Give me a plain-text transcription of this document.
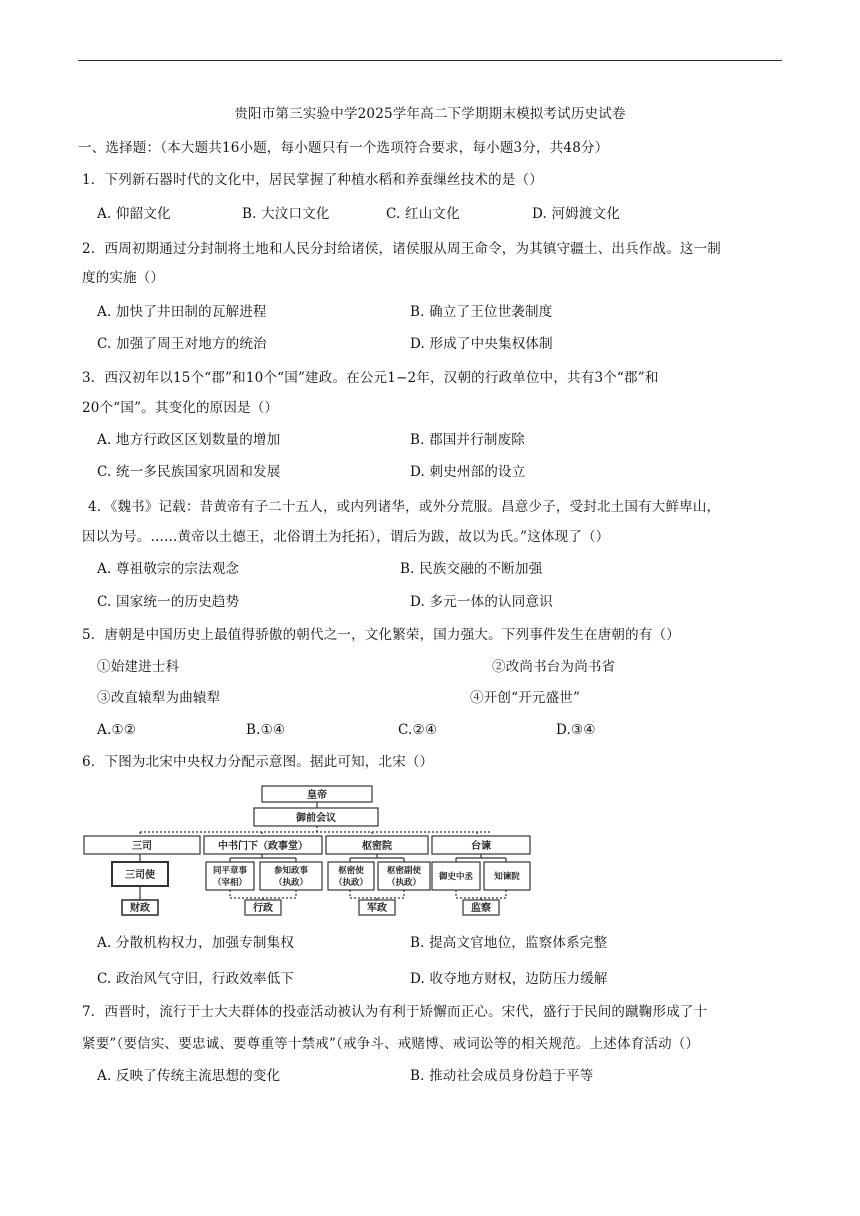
贵阳市第三实验中学2025学年高二下学期期末模拟考试历史试卷
一、选择题：（本大题共16小题，每小题只有一个选项符合要求，每小题3分，共48分）
1．下列新石器时代的文化中，居民掌握了种植水稻和养蚕缫丝技术的是（）
A. 仰韶文化	B. 大汶口文化	C. 红山文化	D. 河姆渡文化
2．西周初期通过分封制将土地和人民分封给诸侯，诸侯服从周王命令，为其镇守疆土、出兵作战。这一制
度的实施（）
A. 加快了井田制的瓦解进程	B. 确立了王位世袭制度
C. 加强了周王对地方的统治	D. 形成了中央集权体制
3．西汉初年以15个“郡”和10个“国”建政。在公元1−2年，汉朝的行政单位中，共有3个“郡”和
20个“国”。其变化的原因是（）
A. 地方行政区区划数量的增加	B. 郡国并行制废除
C. 统一多民族国家巩固和发展	D. 刺史州部的设立
4．《魏书》记载：昔黄帝有子二十五人，或内列诸华，或外分荒服。昌意少子，受封北土国有大鲜卑山，
因以为号。......黄帝以土德王，北俗谓土为托拓），谓后为跋，故以为氏。”这体现了（）
A. 尊祖敬宗的宗法观念	B. 民族交融的不断加强
C. 国家统一的历史趋势	D. 多元一体的认同意识
5．唐朝是中国历史上最值得骄傲的朝代之一，文化繁荣，国力强大。下列事件发生在唐朝的有（）
①始建进士科	②改尚书台为尚书省
③改直辕犁为曲辕犁	④开创“开元盛世”
A.①②	B.①④	C.②④	D.③④
6．下图为北宋中央权力分配示意图。据此可知，北宋（）
皇帝
御前会议
三司	中书门下（政事堂）	枢密院	台谏
三司使	同平章事
（宰相）
参知政事
（执政）
枢密使
（执政）
枢密副使
（执政）
御史中丞 知谏院
财政	行政	军政	监察
A. 分散机构权力，加强专制集权	B. 提高文官地位，监察体系完整
C. 政治风气守旧，行政效率低下	D. 收夺地方财权，边防压力缓解
7．西晋时，流行于士大夫群体的投壶活动被认为有利于矫懈而正心。宋代，盛行于民间的蹴鞠形成了十
紧要”（要信实、要忠诚、要尊重等十禁戒”（戒争斗、戒赌博、戒词讼等的相关规范。上述体育活动（）
A. 反映了传统主流思想的变化	B. 推动社会成员身份趋于平等
